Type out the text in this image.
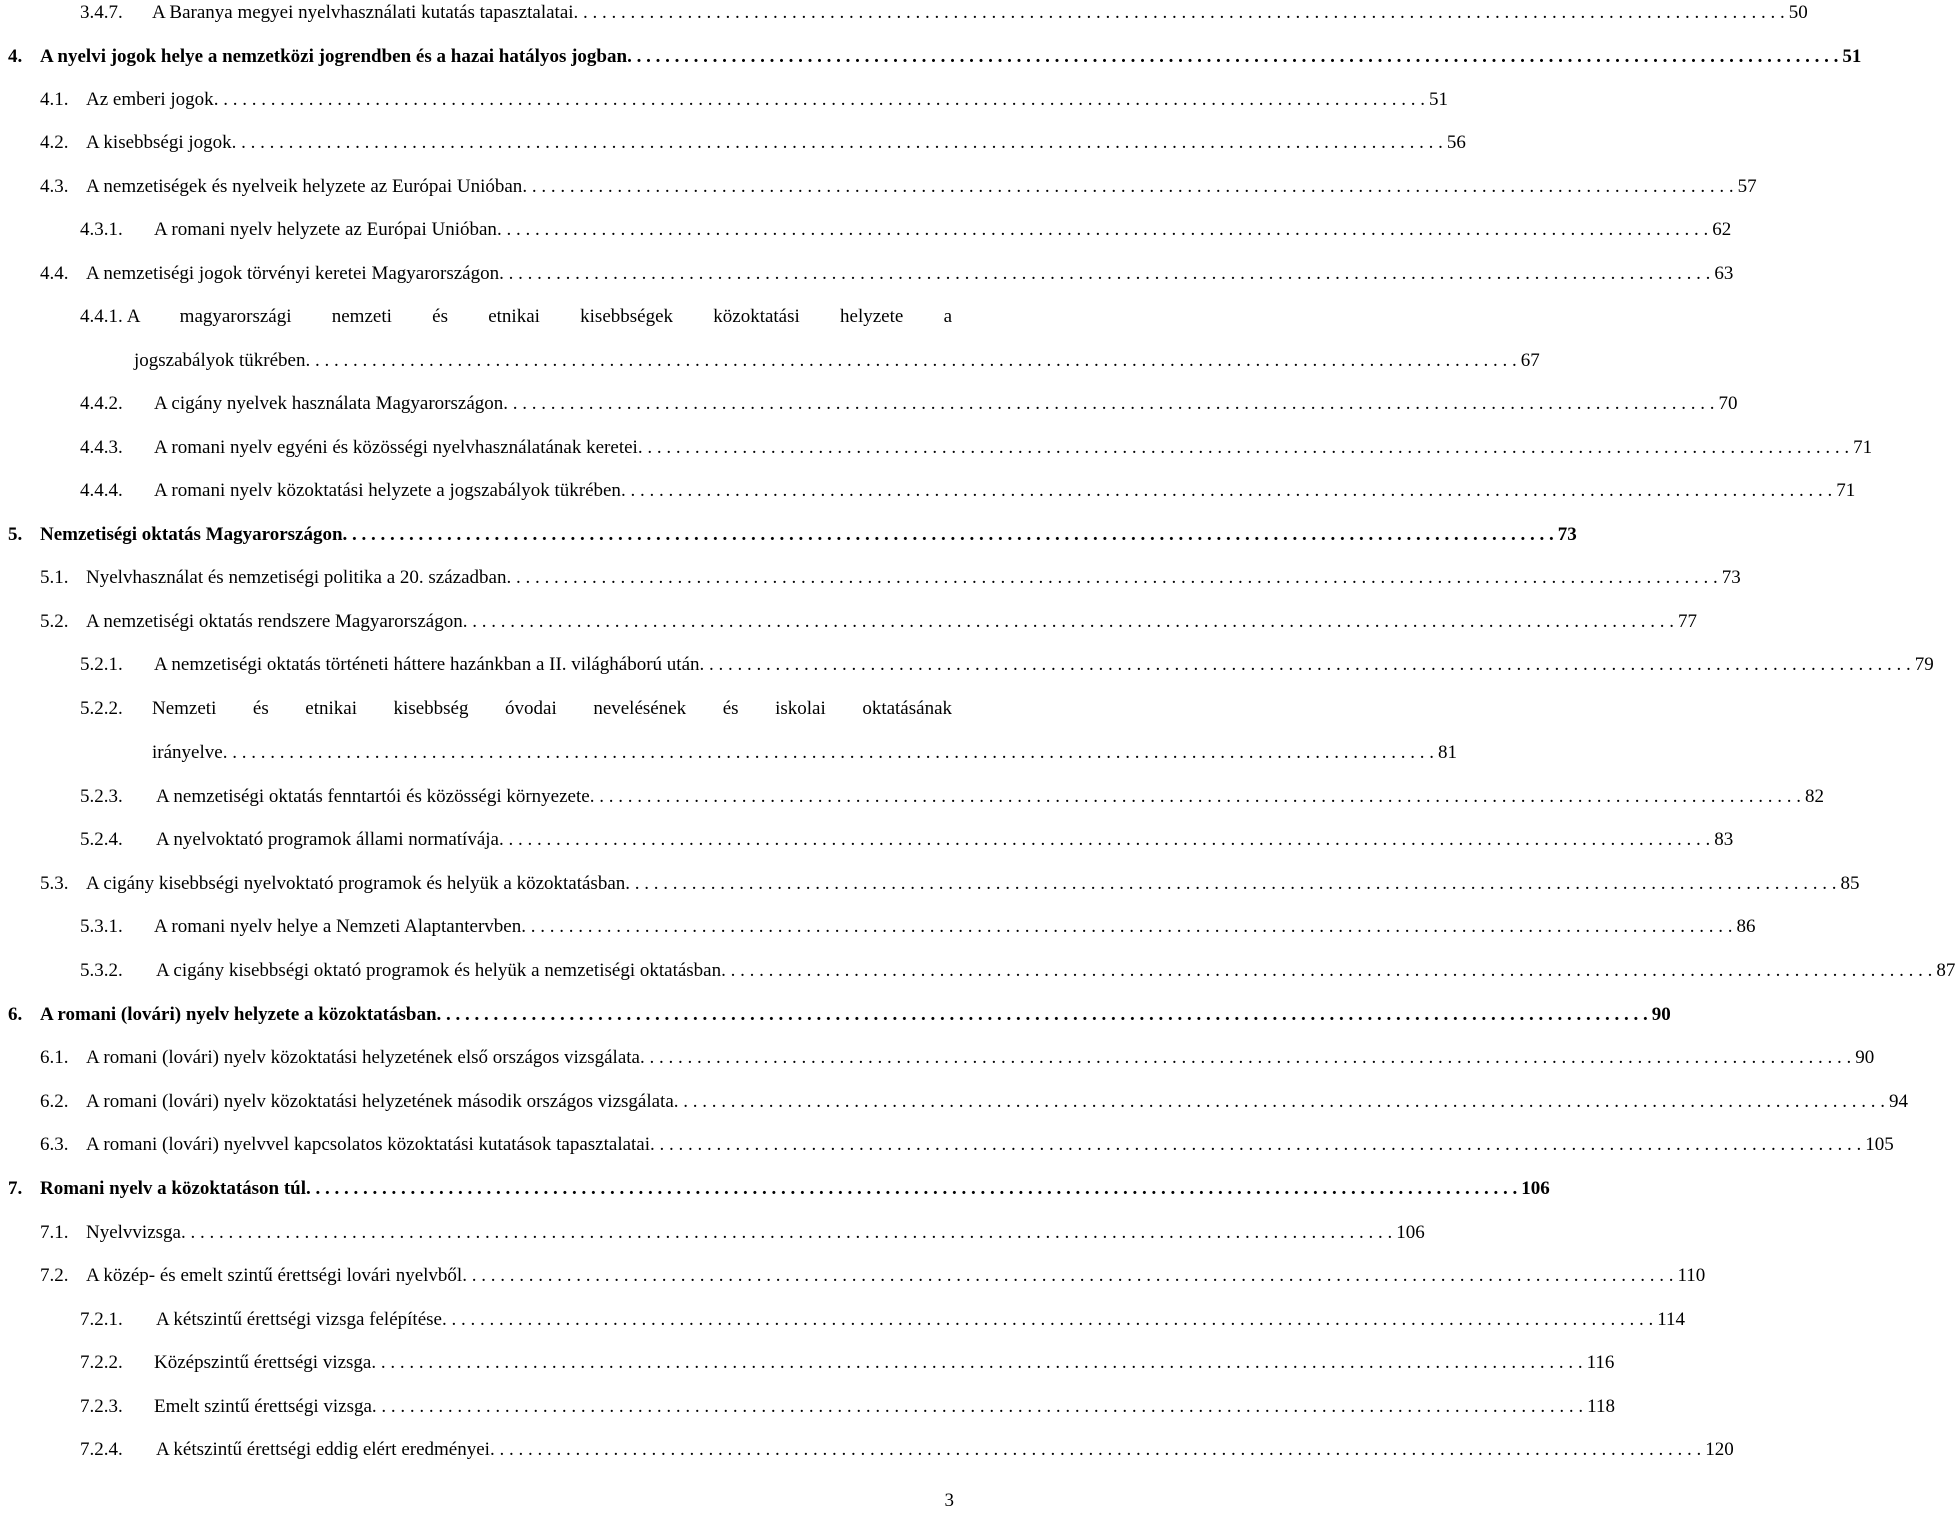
3.4.7.	A Baranya megyei nyelvhasználati kutatás tapasztalatai . . .	50
4. A nyelvi jogok helye a nemzetközi jogrendben és a hazai hatályos jogban . . .	51
4.1. Az emberi jogok . . .	51
4.2. A kisebbségi jogok . . .	56
4.3. A nemzetiségek és nyelveik helyzete az Európai Unióban . . .	57
4.3.1.	A romani nyelv helyzete az Európai Unióban . . .	62
4.4. A nemzetiségi jogok törvényi keretei Magyarországon . . .	63
4.4.1. A magyarországi nemzeti és etnikai kisebbségek közoktatási helyzete a
jogszabályok tükrében . . .	67
4.4.2.	A cigány nyelvek használata Magyarországon . . .	70
4.4.3.	A romani nyelv egyéni és közösségi nyelvhasználatának keretei . . .	71
4.4.4.	A romani nyelv közoktatási helyzete a jogszabályok tükrében . . .	71
5. Nemzetiségi oktatás Magyarországon . . .	73
5.1. Nyelvhasználat és nemzetiségi politika a 20. században . . .	73
5.2. A nemzetiségi oktatás rendszere Magyarországon . . .	77
5.2.1.	A nemzetiségi oktatás történeti háttere hazánkban a II. világháború után . . .	79
5.2.2.	Nemzeti és etnikai kisebbség óvodai nevelésének és iskolai oktatásának
irányelve . . .	81
5.2.3.	A nemzetiségi oktatás fenntartói és közösségi környezete . . .	82
5.2.4.	A nyelvoktató programok állami normatívája . . .	83
5.3. A cigány kisebbségi nyelvoktató programok és helyük a közoktatásban . . .	85
5.3.1.	A romani nyelv helye a Nemzeti Alaptantervben . . .	86
5.3.2.	A cigány kisebbségi oktató programok és helyük a nemzetiségi oktatásban . . .	87
6. A romani (lovári) nyelv helyzete a közoktatásban . . .	90
6.1. A romani (lovári) nyelv közoktatási helyzetének első országos vizsgálata . . .	90
6.2. A romani (lovári) nyelv közoktatási helyzetének második országos vizsgálata . . .	94
6.3. A romani (lovári) nyelvvel kapcsolatos közoktatási kutatások tapasztalatai . . .	105
7. Romani nyelv a közoktatáson túl . . .	106
7.1. Nyelvvizsga . . .	106
7.2. A közép- és emelt szintű érettségi lovári nyelvből . . .	110
7.2.1.	A kétszintű érettségi vizsga felépítése . . .	114
7.2.2.	Középszintű érettségi vizsga . . .	116
7.2.3.	Emelt szintű érettségi vizsga . . .	118
7.2.4.	A kétszintű érettségi eddig elért eredményei . . .	120
3
